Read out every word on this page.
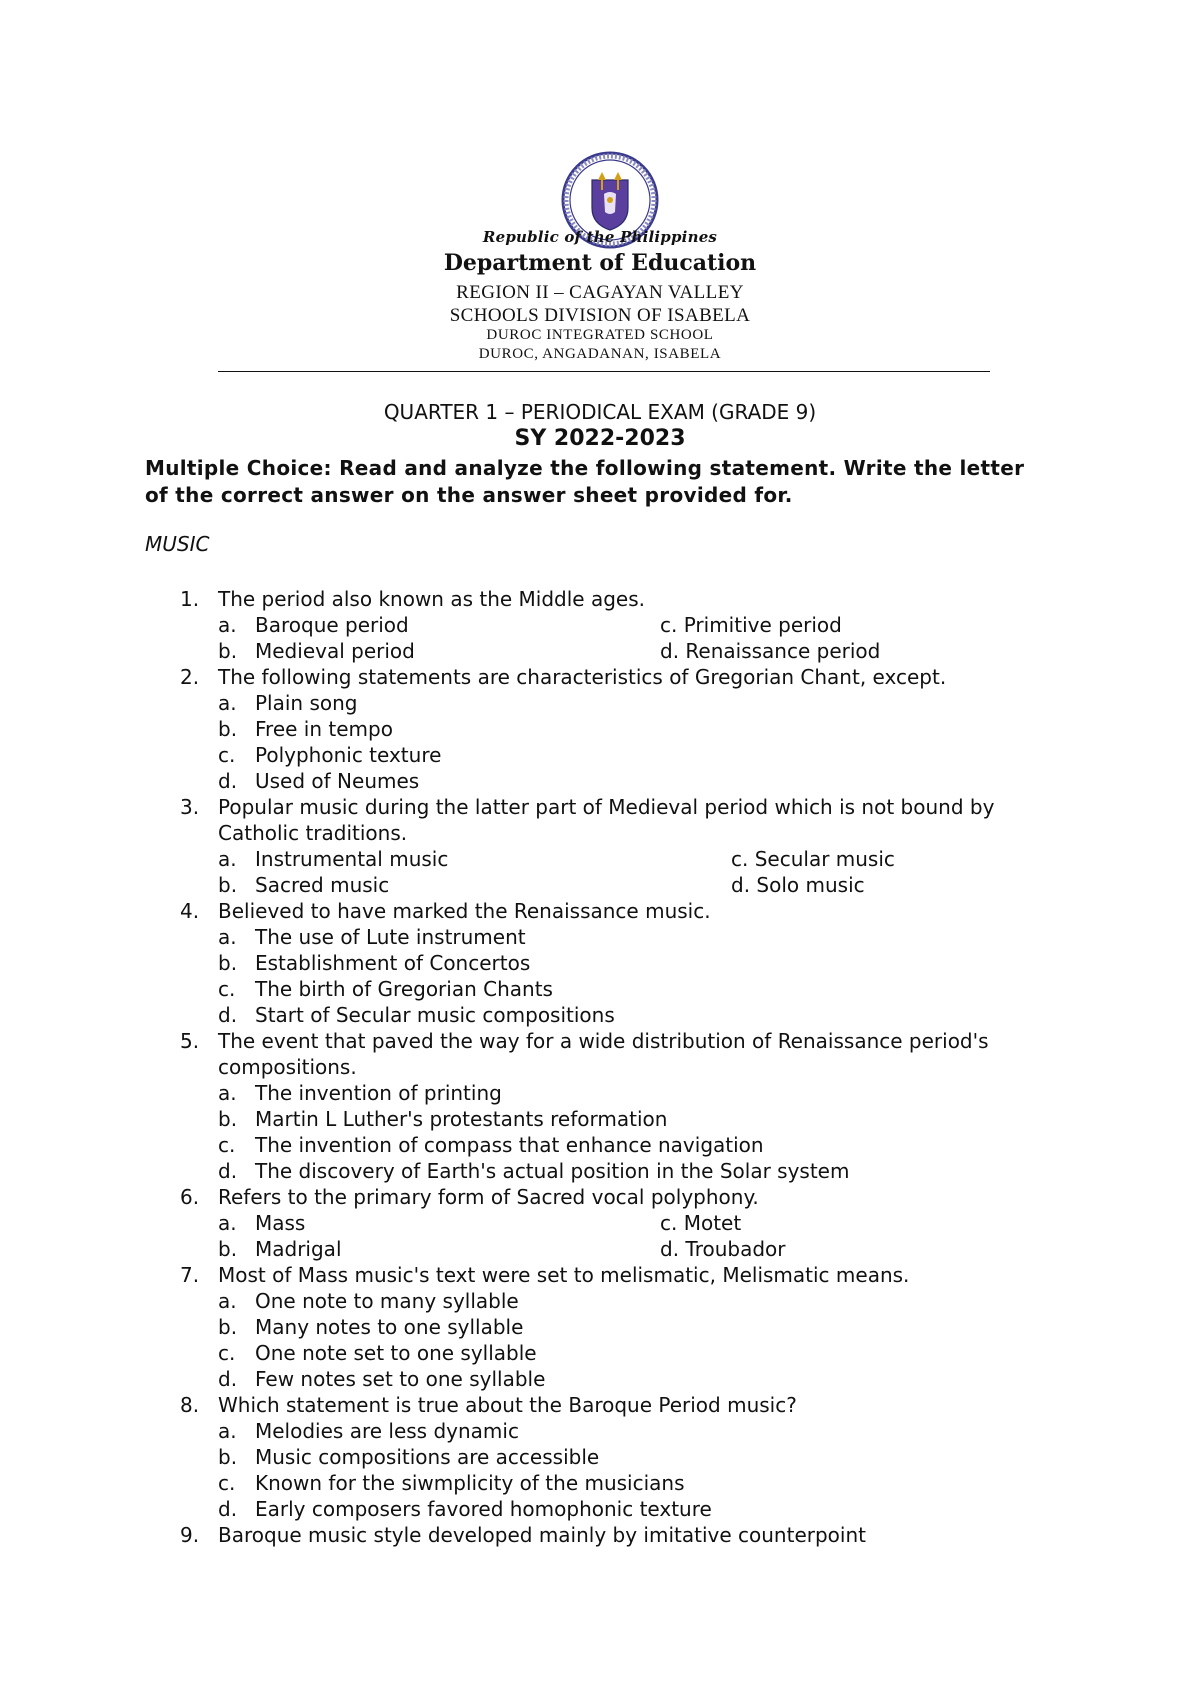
Republic of the Philippines
Department of Education
REGION II – CAGAYAN VALLEY
SCHOOLS DIVISION OF ISABELA
DUROC INTEGRATED SCHOOL
DUROC, ANGADANAN, ISABELA
QUARTER 1 – PERIODICAL EXAM (GRADE 9)
SY 2022-2023
Multiple Choice: Read and analyze the following statement. Write the letter of the correct answer on the answer sheet provided for.
MUSIC
1. The period also known as the Middle ages.
a. Baroque period	c. Primitive period
b. Medieval period	d. Renaissance period
2. The following statements are characteristics of Gregorian Chant, except.
a. Plain song
b. Free in tempo
c. Polyphonic texture
d. Used of Neumes
3. Popular music during the latter part of Medieval period which is not bound by Catholic traditions.
a. Instrumental music	c. Secular music
b. Sacred music	d. Solo music
4. Believed to have marked the Renaissance music.
a. The use of Lute instrument
b. Establishment of Concertos
c. The birth of Gregorian Chants
d. Start of Secular music compositions
5. The event that paved the way for a wide distribution of Renaissance period's compositions.
a. The invention of printing
b. Martin L Luther's protestants reformation
c. The invention of compass that enhance navigation
d. The discovery of Earth's actual position in the Solar system
6. Refers to the primary form of Sacred vocal polyphony.
a. Mass	c. Motet
b. Madrigal	d. Troubador
7. Most of Mass music's text were set to melismatic, Melismatic means.
a. One note to many syllable
b. Many notes to one syllable
c. One note set to one syllable
d. Few notes set to one syllable
8. Which statement is true about the Baroque Period music?
a. Melodies are less dynamic
b. Music compositions are accessible
c. Known for the siwmplicity of the musicians
d. Early composers favored homophonic texture
9. Baroque music style developed mainly by imitative counterpoint
